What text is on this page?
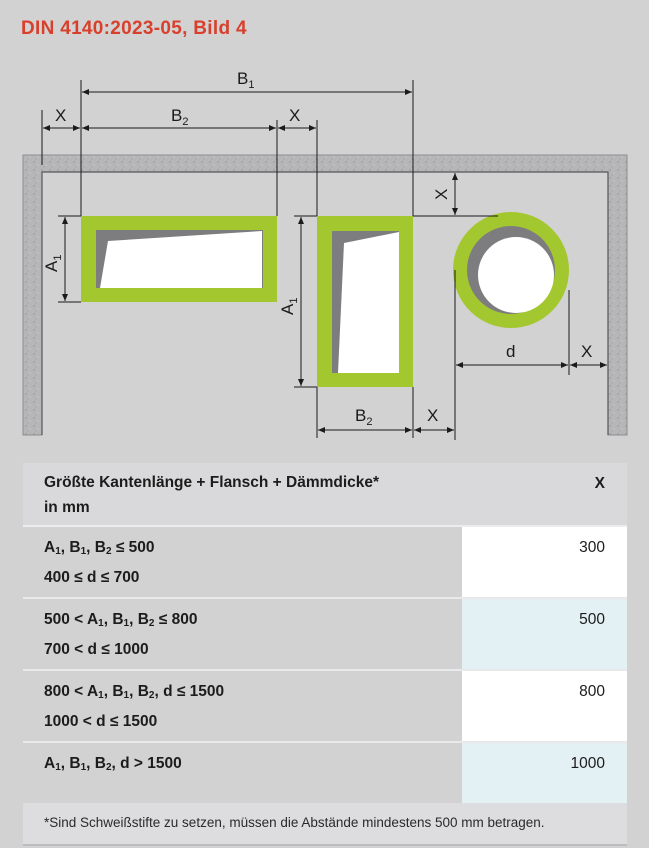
DIN 4140:2023-05, Bild 4
$B_1$
X	$B_2$	X
X
$A_1$
$A_1$
d	X
$B_2$	X
Größte Kantenlänge + Flansch + Dämmdicke*
in mm
X
$A_1$, $B_1$, $B_2 \le 500$
400 ≤ d ≤ 700
300
$500 < A_1$, $B_1$, $B_2 \le 800$
700 < d ≤ 1000
500
$800 < A_1$, $B_1$, $B_2$, d ≤ 1500
1000 < d ≤ 1500
800
$A_1$, $B_1$, $B_2$, d > 1500	1000
*Sind Schweißstifte zu setzen, müssen die Abstände mindestens 500 mm betragen.
